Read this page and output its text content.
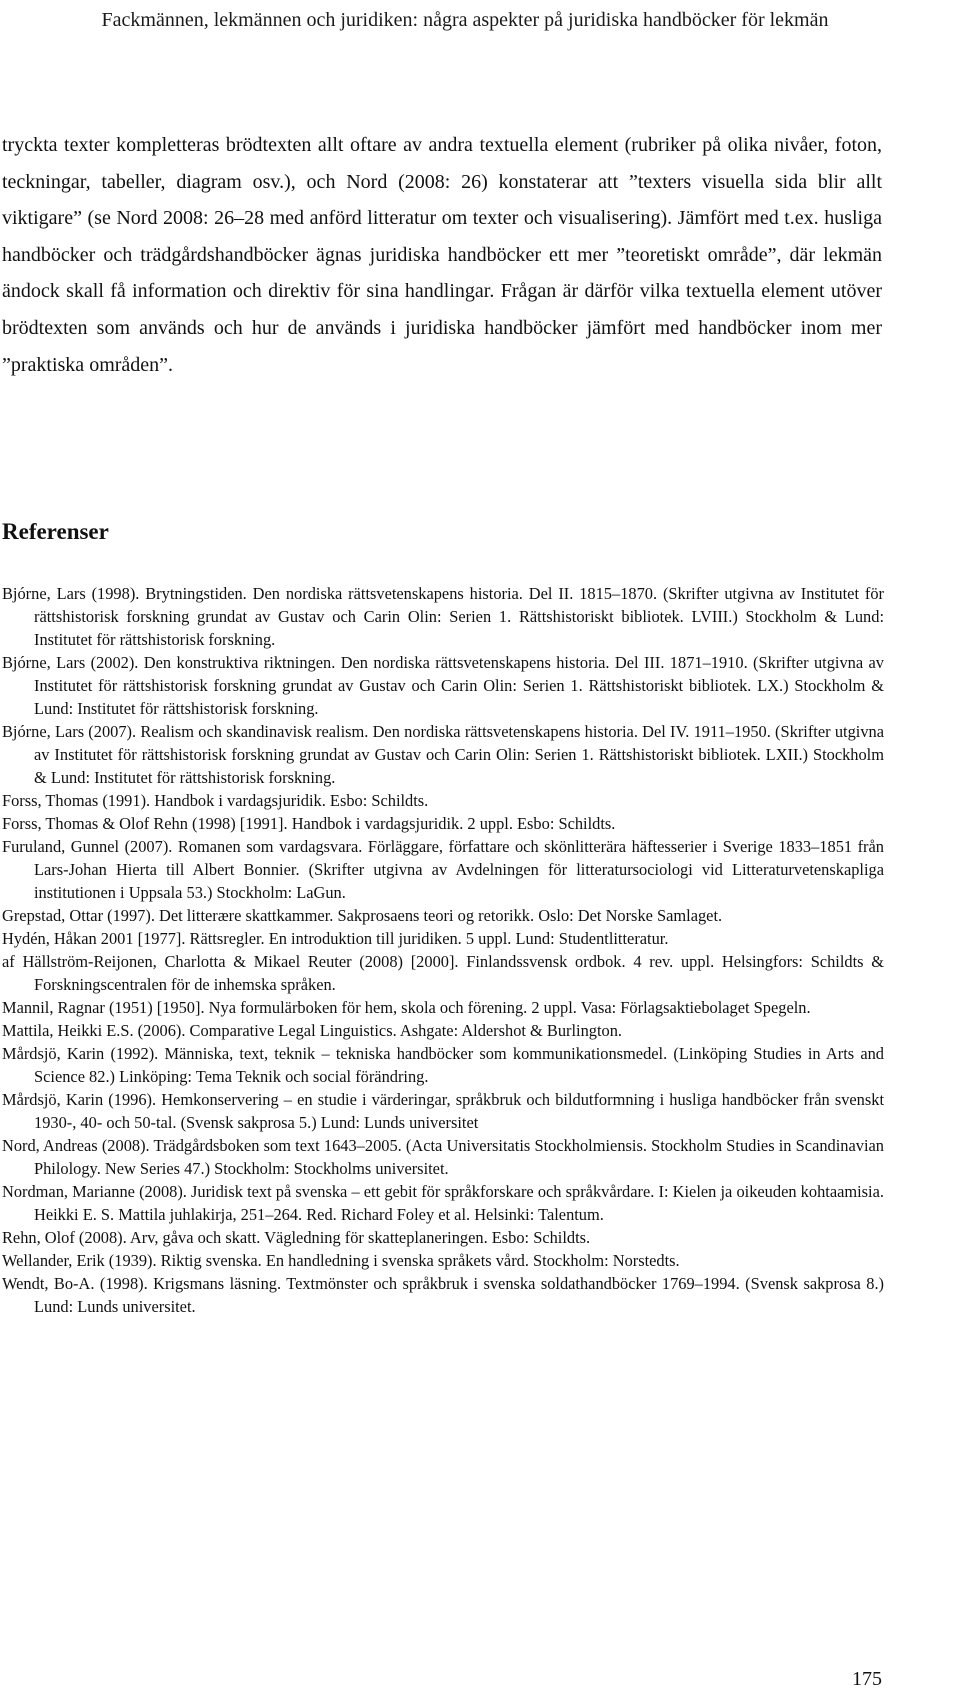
Fackmännen, lekmännen och juridiken: några aspekter på juridiska handböcker för lekmän

tryckta texter kompletteras brödtexten allt oftare av andra textuella element (rubriker på olika nivåer, foton, teckningar, tabeller, diagram osv.), och Nord (2008: 26) konstaterar att ”texters visuella sida blir allt viktigare” (se Nord 2008: 26–28 med anförd litteratur om texter och visualisering). Jämfört med t.ex. husliga handböcker och trädgårdshandböcker ägnas juridiska handböcker ett mer ”teoretiskt område”, där lekmän ändock skall få information och direktiv för sina handlingar. Frågan är därför vilka textuella element utöver brödtexten som används och hur de används i juridiska handböcker jämfört med handböcker inom mer ”praktiska områden”.

Referenser
Bjórne, Lars (1998). Brytningstiden. Den nordiska rättsvetenskapens historia. Del II. 1815–1870. (Skrifter utgivna av Institutet för rättshistorisk forskning grundat av Gustav och Carin Olin: Serien 1. Rättshistoriskt bibliotek. LVIII.) Stockholm & Lund: Institutet för rättshistorisk forskning.
Bjórne, Lars (2002). Den konstruktiva riktningen. Den nordiska rättsvetenskapens historia. Del III. 1871–1910. (Skrifter utgivna av Institutet för rättshistorisk forskning grundat av Gustav och Carin Olin: Serien 1. Rättshistoriskt bibliotek. LX.) Stockholm & Lund: Institutet för rättshistorisk forskning.
Bjórne, Lars (2007). Realism och skandinavisk realism. Den nordiska rättsvetenskapens historia. Del IV. 1911–1950. (Skrifter utgivna av Institutet för rättshistorisk forskning grundat av Gustav och Carin Olin: Serien 1. Rättshistoriskt bibliotek. LXII.) Stockholm & Lund: Institutet för rättshistorisk forskning.
Forss, Thomas (1991). Handbok i vardagsjuridik. Esbo: Schildts.
Forss, Thomas & Olof Rehn (1998) [1991]. Handbok i vardagsjuridik. 2 uppl. Esbo: Schildts.
Furuland, Gunnel (2007). Romanen som vardagsvara. Förläggare, författare och skönlitterära häftesserier i Sverige 1833–1851 från Lars-Johan Hierta till Albert Bonnier. (Skrifter utgivna av Avdelningen för litteratursociologi vid Litteraturvetenskapliga institutionen i Uppsala 53.) Stockholm: LaGun.
Grepstad, Ottar (1997). Det litterære skattkammer. Sakprosaens teori og retorikk. Oslo: Det Norske Samlaget.
Hydén, Håkan 2001 [1977]. Rättsregler. En introduktion till juridiken. 5 uppl. Lund: Studentlitteratur.
af Hällström-Reijonen, Charlotta & Mikael Reuter (2008) [2000]. Finlandssvensk ordbok. 4 rev. uppl. Helsingfors: Schildts & Forskningscentralen för de inhemska språken.
Mannil, Ragnar (1951) [1950]. Nya formulärboken för hem, skola och förening. 2 uppl. Vasa: Förlagsaktiebolaget Spegeln.
Mattila, Heikki E.S. (2006). Comparative Legal Linguistics. Ashgate: Aldershot & Burlington.
Mårdsjö, Karin (1992). Människa, text, teknik – tekniska handböcker som kommunikationsmedel. (Linköping Studies in Arts and Science 82.) Linköping: Tema Teknik och social förändring.
Mårdsjö, Karin (1996). Hemkonservering – en studie i värderingar, språkbruk och bildutformning i husliga handböcker från svenskt 1930-, 40- och 50-tal. (Svensk sakprosa 5.) Lund: Lunds universitet
Nord, Andreas (2008). Trädgårdsboken som text 1643–2005. (Acta Universitatis Stockholmiensis. Stockholm Studies in Scandinavian Philology. New Series 47.) Stockholm: Stockholms universitet.
Nordman, Marianne (2008). Juridisk text på svenska – ett gebit för språkforskare och språkvårdare. I: Kielen ja oikeuden kohtaamisia. Heikki E. S. Mattila juhlakirja, 251–264. Red. Richard Foley et al. Helsinki: Talentum.
Rehn, Olof (2008). Arv, gåva och skatt. Vägledning för skatteplaneringen. Esbo: Schildts.
Wellander, Erik (1939). Riktig svenska. En handledning i svenska språkets vård. Stockholm: Norstedts.
Wendt, Bo-A. (1998). Krigsmans läsning. Textmönster och språkbruk i svenska soldathandböcker 1769–1994. (Svensk sakprosa 8.) Lund: Lunds universitet.
175
